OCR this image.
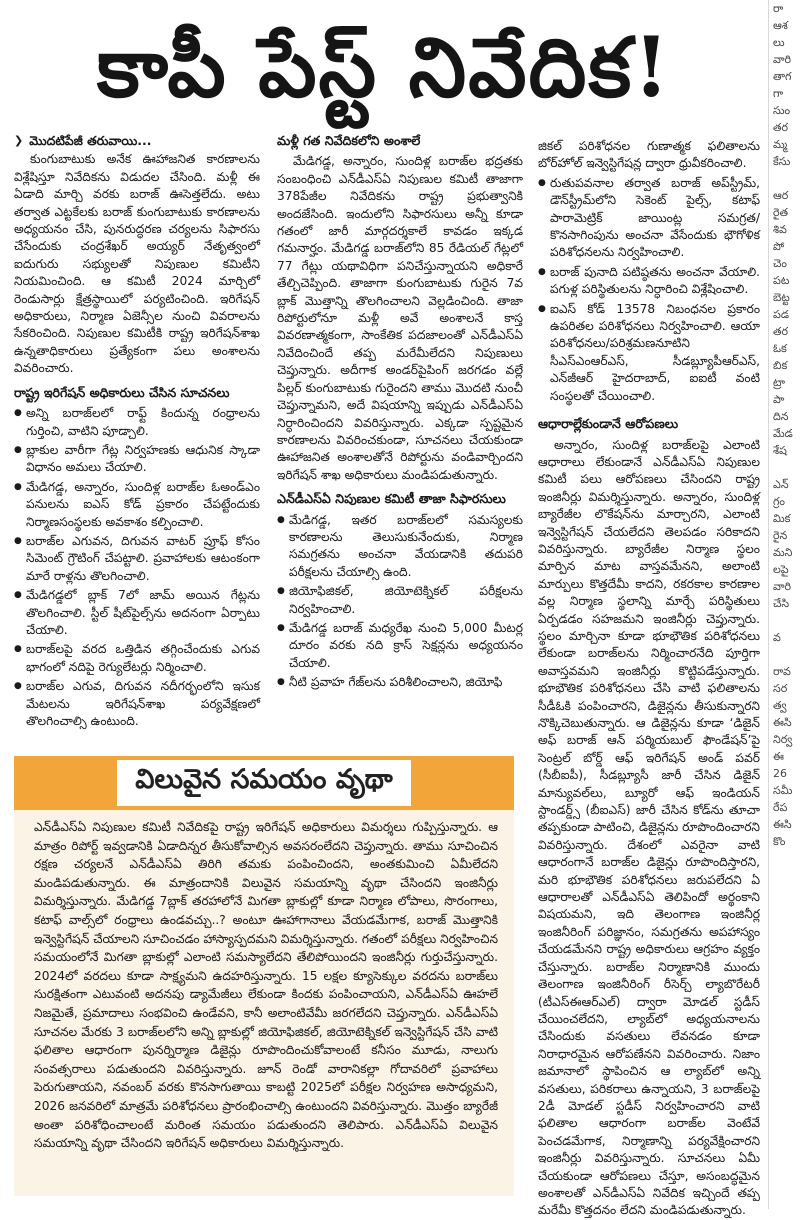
కాపీ పేస్ట్ నివేదిక!
❯ మొదటిపేజీ తరువాయి...

కుంగుబాటుకు అనేక ఊహాజనిత కారణాలను విశ్లేషిస్తూ నివేదికను విడుదల చేసింది. మళ్లీ ఈ ఏడాది మార్చి వరకు బరాజ్ ఊసెత్తలేదు. అటు తర్వాత ఎట్టకేలకు బరాజ్ కుంగుబాటుకు కారణాలను అధ్యయనం చేసి, పునరుద్ధరణ చర్యలను సిఫారసు చేసేందుకు చంద్రశేఖర్ అయ్యర్ నేతృత్వంలో ఐదుగురు సభ్యులతో నిపుణుల కమిటీని నియమించింది. ఆ కమిటీ 2024 మార్చిలో రెండుసార్లు క్షేత్రస్థాయిలో పర్యటించింది. ఇరిగేషన్ అధికారులు, నిర్మాణ ఏజెన్సీల నుంచి వివరాలను సేకరించింది. నిపుణుల కమిటీకి రాష్ట్ర ఇరిగేషన్‌శాఖ ఉన్నతాధికారులు ప్రత్యేకంగా పలు అంశాలను వివరించారు.

రాష్ట్ర ఇరిగేషన్ అధికారులు చేసిన సూచనలు
● అన్ని బరాజ్‌లలో రాఫ్ట్ కిందున్న రంధ్రాలను గుర్తించి, వాటిని పూడ్చాలి.
● బ్లాకుల వారీగా గేట్ల నిర్వహణకు ఆధునిక స్కాడా విధానం అమలు చేయాలి.
● మేడిగడ్డ, అన్నారం, సుందిళ్ల బరాజ్‌ల ఓఅండ్ఎం పనులను ఐఎస్ కోడ్ ప్రకారం చేపట్టేందుకు నిర్మాణసంస్థలకు అవకాశం కల్పించాలి.
● బరాజ్‌ల ఎగువన, దిగువన వాటర్ ప్రూఫ్ కోసం సిమెంట్ గ్రౌటింగ్ చేపట్టాలి. ప్రవాహాలకు ఆటంకంగా మారే రాళ్లను తొలగించాలి.
● మేడిగడ్డలో బ్లాక్ 7లో జామ్ అయిన గేట్లను తొలగించాలి. స్టీల్ షీట్‌పైల్స్‌ను అదనంగా ఏర్పాటు చేయాలి.
● బరాజ్‌లపై వరద ఒత్తిడిన తగ్గించేందుకు ఎగువ భాగంలో నదిపై రెగ్యులేటర్లు నిర్మించాలి.
● బరాజ్‌ల ఎగువ, దిగువన నదీగర్భంలోని ఇసుక మేటలను ఇరిగేషన్‌శాఖ పర్యవేక్షణలో తొలగించాల్సి ఉంటుంది.
మళ్లీ గత నివేదికలోని అంశాలే

మేడిగడ్డ, అన్నారం, సుందిళ్ల బరాజ్‌ల భద్రతకు సంబంధించి ఎన్‌డీఎస్‌ఏ నిపుణుల కమిటీ తాజాగా 378పేజీల నివేదికను రాష్ట్ర ప్రభుత్వానికి అందజేసింది. ఇందులోని సిఫారసులు అన్నీ కూడా గతంలో జారీ మార్గదర్శకాలే కావడం ఇక్కడ గమనార్హం. మేడిగడ్డ బరాజ్‌లోని 85 రేడియల్ గేట్లలో 77 గేట్లు యథావిధిగా పనిచేస్తున్నాయని అధికారే తేల్చిచెప్పింది. తాజాగా కుంగుబాటుకు గురైన 7వ బ్లాక్ మొత్తాన్ని తొలగించాలని వెల్లడించింది. తాజా రిపోర్టులోనూ మళ్లీ అవే అంశాలనే కాస్త వివరణాత్మకంగా, సాంకేతిక పదజాలంతో ఎన్‌డీఎస్‌ఏ నివేదించిందే తప్ప మరేమీలేదని నిపుణులు చెప్తున్నారు. అదీగాక అండర్‌పైపింగ్ జరగడం వల్లే పిల్లర్ కుంగుబాటుకు గురైందని తాము మొదటి నుంచీ చెప్తున్నామని, అదే విషయాన్ని ఇప్పుడు ఎన్‌డీఎస్‌ఏ నిర్ధారించిందని వివరిస్తున్నారు. ఎక్కడా స్పష్టమైన కారణాలను వివరించకుండా, సూచనలు చేయకుండా ఊహాజనిత అంశాలతోనే రిపోర్టును వండివార్చిందని ఇరిగేషన్ శాఖ అధికారులు మండిపడుతున్నారు.

ఎన్‌డీఎస్‌ఏ నిపుణుల కమిటీ తాజా సిఫారసులు
● మేడిగడ్డ, ఇతర బరాజ్‌లలో సమస్యలకు కారణాలను తెలుసుకునేందుకు, నిర్మాణ సమగ్రతను అంచనా వేయడానికి తదుపరి పరీక్షలను చేయాల్సి ఉంది.
● జియోఫిజికల్, జియోటెక్నికల్ పరీక్షలను నిర్వహించాలి.
● మేడిగడ్డ బరాజ్ మధ్యరేఖ నుంచి 5,000 మీటర్ల దూరం వరకు నది క్రాస్ సెక్షన్లను అధ్యయనం చేయాలి.
● నీటి ప్రవాహ గేజ్‌లను పరిశీలించాలని, జియోఫి

జికల్ పరిశోధనల గుణాత్మక ఫలితాలను బోర్‌హోల్ ఇన్వెస్టిగేషన్ల ద్వారా ధ్రువీకరించాలి.

● రుతుపవనాల తర్వాత బరాజ్ అప్‌స్ట్రీమ్, డౌన్‌స్ట్రీమ్‌లోని సెకెంట్ పైల్స్, కటాఫ్ పారామెట్రిక్ జాయింట్ల సమగ్రత/కొనసాగింపును అంచనా వేసేందుకు భౌగోళిక పరిశోధనలను నిర్వహించాలి.
● బరాజ్ పునాది పటిష్ఠతను అంచనా వేయాలి. పగుళ్ల పరిస్థితులను నిర్ధారించి విశ్లేషించాలి.
● ఐఎస్ కోడ్ 13578 నిబంధనల ప్రకారం ఉపరితల పరిశోధనలు నిర్వహించాలి. ఆయా పరిశోధనలు/పరిశ్రమణనూటిని సీఎస్ఎంఆర్ఎస్, సీడబ్ల్యూపీఆర్ఎస్, ఎన్‌జీఆర్ హైదరాబాద్, ఐఐటీ వంటి సంస్థలతో చేయించాలి.
ఆధారాల్లేకుండానే ఆరోపణలు

అన్నారం, సుందిళ్ల బరాజ్‌లపై ఎలాంటి ఆధారాలు లేకుండానే ఎన్‌డీఎస్‌ఏ నిపుణుల కమిటీ పలు ఆరోపణలు చేసిందని రాష్ట్ర ఇంజినీర్లు విమర్శిస్తున్నారు. అన్నారం, సుందిళ్ల బ్యారేజీల లొకేషన్‌ను మార్చారని, ఎలాంటి ఇన్వెస్టిగేషన్ చేయలేదని తెలపడం సరికాదని వివరిస్తున్నారు. బ్యారేజీల నిర్మాణ స్థలం మార్పిన మాట వాస్తవమేనని, అలాంటి మార్పులు కొత్తదేమీ కాదని, రకరకాల కారణాల వల్ల నిర్మాణ స్థలాన్ని మార్చే పరిస్థితులు ఏర్పడడం సహజమని ఇంజినీర్లు చెప్తున్నారు. స్థలం మార్చినా కూడా భూభౌతిక పరిశోధనలు లేకుండా బరాజ్‌లను నిర్మించారనేది పూర్తిగా అవాస్తవమని ఇంజినీర్లు కొట్టిపడేస్తున్నారు. భూభౌతిక పరిశోధనలు చేసి వాటి ఫలితాలను సీడీఓకి పంపించారని, డిజైన్లను తీసుకున్నారని నొక్కిచెబుతున్నారు. ఆ డిజైన్లను కూడా ‘డిజైన్ అఫ్ బరాజ్ ఆన్ పర్మియబుల్ ఫౌండేషన్’పై సెంట్రల్ బోర్డ్ ఆఫ్ ఇరిగేషన్ అండ్ పవర్ (సీబీఐపీ), సీడబ్ల్యూసీ జారీ చేసిన డిజైన్ మాన్యువల్‌లు, బ్యూరో ఆఫ్ ఇండియన్ స్టాండర్డ్స్ (బీఐఎస్) జారీ చేసిన కోడ్‌ను తూచా తప్పకుండా పాటించి, డిజైన్లను రూపొందించారని వివరిస్తున్నారు. దేశంలో ఎవరైనా వాటి ఆధారంగానే బరాజ్‌ల డిజైన్లు రూపొందిస్తారని, మరి భూభౌతిక పరిశోధనలు జరుపలేదని ఏ ఆధారాలతో ఎన్‌డీఎస్‌ఏ తెలిపిందో అర్థంకాని విషయమని, ఇది తెలంగాణ ఇంజినీర్ల ఇంజినీరింగ్ పరిజ్ఞానం, సమగ్రతను అపహాస్యం చేయడమేనని రాష్ట్ర అధికారులు ఆగ్రహం వ్యక్తం చేస్తున్నారు. బరాజ్‌ల నిర్మాణానికి ముందు తెలంగాణ ఇంజినీరింగ్ రీసెర్చ్ ల్యాబొరేటరీ (టీఎస్ఈఆర్ఎల్) ద్వారా మోడల్ స్టడీస్ చేయించలేదని, ల్యాబ్‌లో అధ్యయనాలను చేసిందుకు వసతులు లేవనడం కూడా నిరాధారమైన ఆరోపణేనని వివరించారు. నిజాం జమానాలో స్థాపించిన ఆ ల్యాబ్‌లో అన్ని వసతులు, పరికరాలు ఉన్నాయని, 3 బరాజ్‌లపై 2డీ మోడల్ స్టడీస్ నిర్వహించారని వాటి ఫలితాల ఆధారంగా బరాజ్‌ల వెంటేవే పెంచడమేగాక, నిర్మాణాన్ని పర్యవేక్షించారని ఇంజినీర్లు వివరిస్తున్నారు. సూచనలు ఏమీ చేయకుండా ఆరోపణలు చేస్తూ, అసంబద్ధమైన అంశాలతో ఎన్‌డీఎస్‌ఏ నివేదిక ఇచ్చిందే తప్ప మరేమీ కొత్తదనం లేదని మండిపడుతున్నారు.

విలువైన సమయం వృథా
ఎన్‌డీఎస్‌ఏ నిపుణుల కమిటీ నివేదికపై రాష్ట్ర ఇరిగేషన్ అధికారులు విమర్శలు గుప్పిస్తున్నారు. ఆ మాత్రం రిపోర్ట్ ఇవ్వడానికి ఏడాదిన్నర తీసుకోవాల్సిన అవసరంలేదని చెప్తున్నారు. తాము సూచించిన రక్షణ చర్యలనే ఎన్‌డీఎస్‌ఏ తిరిగి తమకు పంపించిందని, అంతకుమించి ఏమీలేదని మండిపడుతున్నారు. ఈ మాత్రందానికి విలువైన సమయాన్ని వృథా చేసిందని ఇంజినీర్లు విమర్శిస్తున్నారు. మేడిగడ్డ 7బ్లాక్ తరహాలోనే మిగతా బ్లాకుల్లో కూడా నిర్మాణ లోపాలు, సొరంగాలు, కటాఫ్ వాల్స్‌లో రంధ్రాలు ఉండవచ్చు..? అంటూ ఊహాగానాలు వేయడమేగాక, బరాజ్ మొత్తానికి ఇన్వెస్టిగేషన్ చేయాలని సూచించడం హాస్యాస్పదమని విమర్శిస్తున్నారు. గతంలో పరీక్షలు నిర్వహించిన సమయంలోనే మిగతా బ్లాకుల్లో ఎలాంటి సమస్యాలేదని తేలిపోయిందని ఇంజినీర్లు గుర్తుచేస్తున్నారు. 2024లో వరదలు కూడా సాక్ష్యమని ఉదహరిస్తున్నారు. 15 లక్షల క్యూసెక్కుల వరదను బరాజ్‌లు సురక్షితంగా ఎటువంటి అదనపు డ్యామేజీలు లేకుండా కిందకు పంపించాయని, ఎన్‌డీఎస్‌ఏ ఊహలే నిజమైతే, ప్రమాదాలు సంభవించి ఉండేవని, కానీ అలాంటివేమీ జరగలేదని చెప్తున్నారు. ఎన్‌డీఎస్‌ఏ సూచనల మేరకు 3 బరాజ్‌లలోని అన్ని బ్లాకుల్లో జియోఫిజికల్, జియోటెక్నికల్ ఇన్వెస్టిగేషన్ చేసి వాటి ఫలితాల ఆధారంగా పునర్నిర్మాణ డిజైన్లు రూపొందించుకోవాలంటే కనీసం మూడు, నాలుగు సంవత్సరాలు పడుతుందని వివరిస్తున్నారు. జూన్ రెండో వారానికల్లా గోదావరిలో ప్రవాహాలు పెరుగుతాయని, నవంబర్ వరకు కొనసాగుతాయి కాబట్టి 2025లో పరీక్షల నిర్వహణ అసాధ్యమని, 2026 జనవరిలో మాత్రమే పరిశోధనలు ప్రారంభించాల్సి ఉంటుందని వివరిస్తున్నారు. మొత్తం బ్యారేజీ అంతా పరిశోధించాలంటే మరింత సమయం పడుతుందని తెలిపారు. ఎన్‌డీఎస్‌ఏ విలువైన సమయాన్ని వృథా చేసిందని ఇరిగేషన్ అధికారులు విమర్శిస్తున్నారు.
రా
ఆశ
లు
వారి
తాగ
గా
సుం
తర
మ్మ
కేసు

ఆర
రైత
శివ
పో
చెం
పట
బెట్ట
పడ
తర
ఓక
బిక
ట్రా
పా
దిన
మేడ
శేష

ఎన్
గ్రం
మిక
రైన
మని
లపై
వారి
చేసి

వ

రావ
సర
త్వ
ఈసి
నిర్వ
ఈ
26
సమీ
రేప
ఈసి
కొం
